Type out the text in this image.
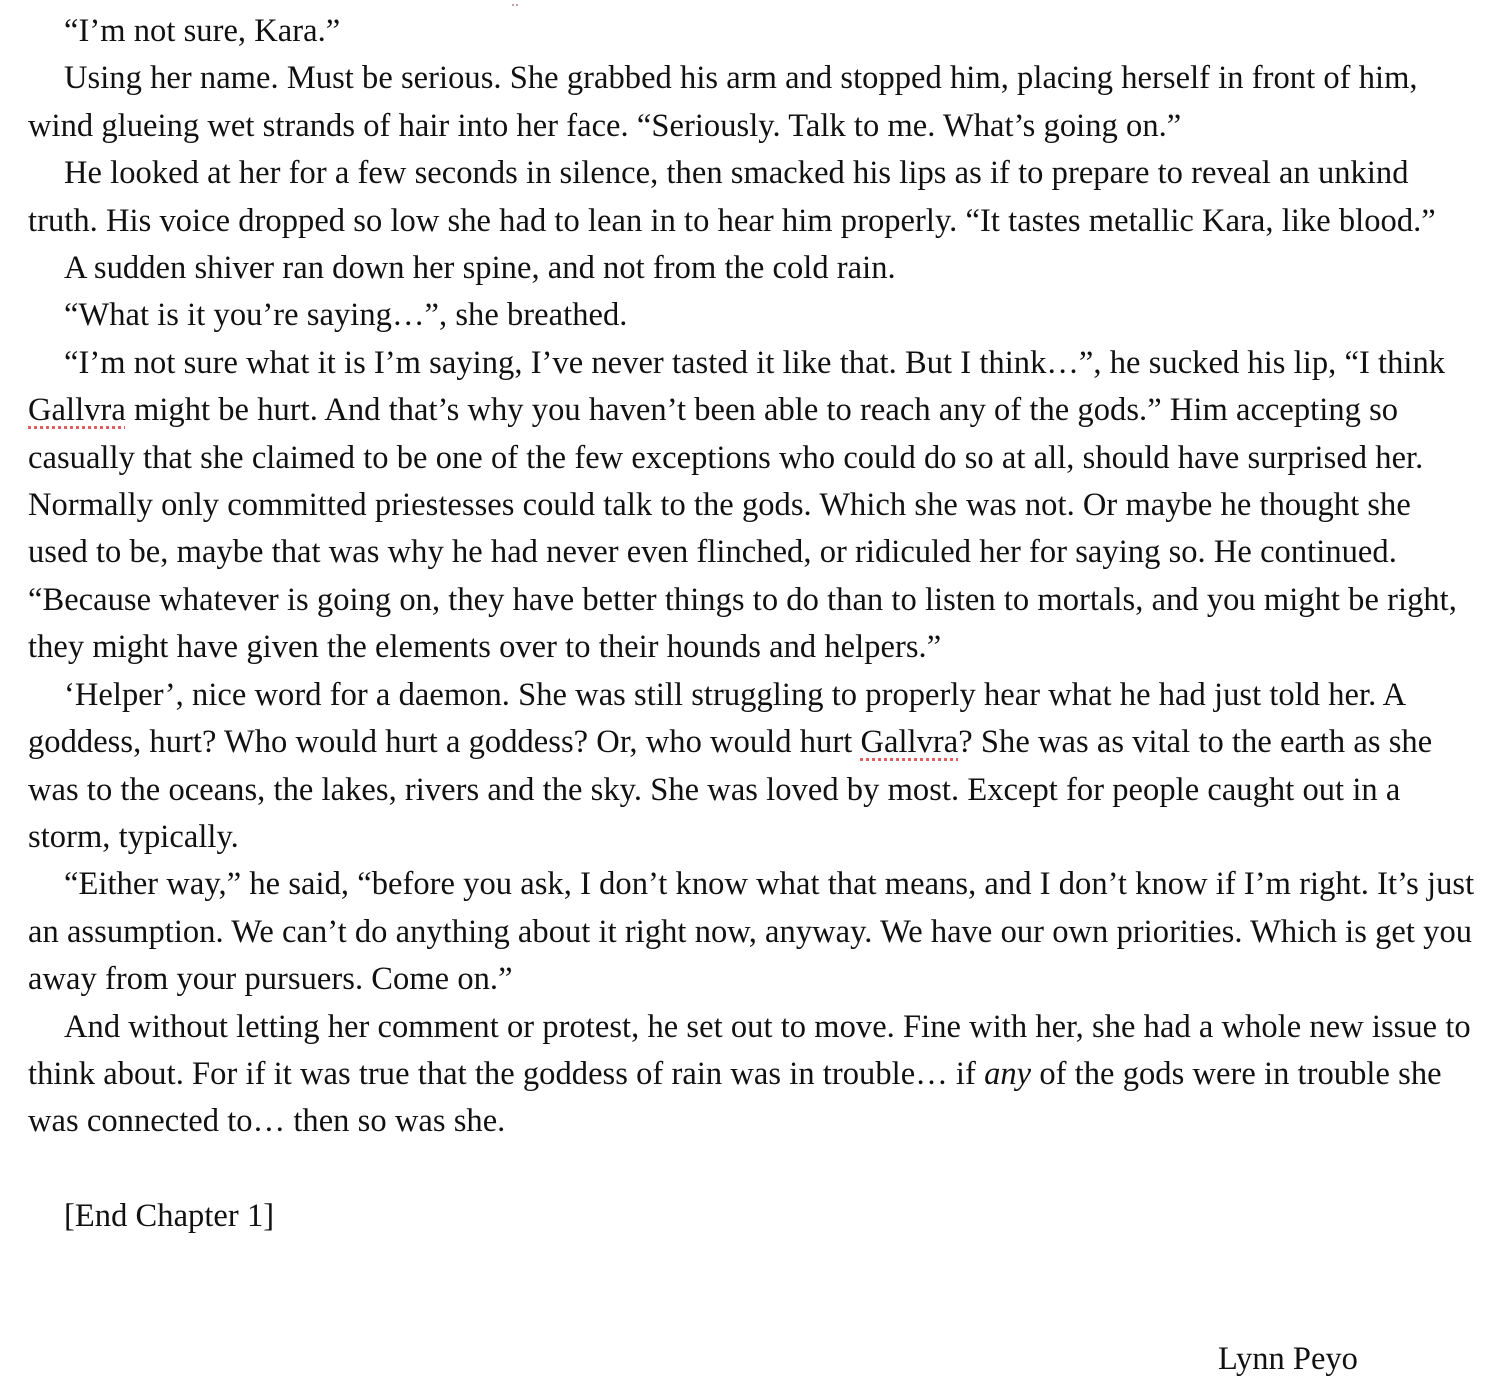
“I’m not sure, Kara.”

Using her name. Must be serious. She grabbed his arm and stopped him, placing herself in front of him, wind glueing wet strands of hair into her face. “Seriously. Talk to me. What’s going on.”

He looked at her for a few seconds in silence, then smacked his lips as if to prepare to reveal an unkind truth. His voice dropped so low she had to lean in to hear him properly. “It tastes metallic Kara, like blood.”

A sudden shiver ran down her spine, and not from the cold rain.

“What is it you’re saying…”, she breathed.

“I’m not sure what it is I’m saying, I’ve never tasted it like that. But I think…”, he sucked his lip, “I think Gallvra might be hurt. And that’s why you haven’t been able to reach any of the gods.” Him accepting so casually that she claimed to be one of the few exceptions who could do so at all, should have surprised her. Normally only committed priestesses could talk to the gods. Which she was not. Or maybe he thought she used to be, maybe that was why he had never even flinched, or ridiculed her for saying so. He continued. “Because whatever is going on, they have better things to do than to listen to mortals, and you might be right, they might have given the elements over to their hounds and helpers.”

‘Helper’, nice word for a daemon. She was still struggling to properly hear what he had just told her. A goddess, hurt? Who would hurt a goddess? Or, who would hurt Gallvra? She was as vital to the earth as she was to the oceans, the lakes, rivers and the sky. She was loved by most. Except for people caught out in a storm, typically.

“Either way,” he said, “before you ask, I don’t know what that means, and I don’t know if I’m right. It’s just an assumption. We can’t do anything about it right now, anyway. We have our own priorities. Which is get you away from your pursuers. Come on.”

And without letting her comment or protest, he set out to move. Fine with her, she had a whole new issue to think about. For if it was true that the goddess of rain was in trouble… if any of the gods were in trouble she was connected to… then so was she.

[End Chapter 1]

Lynn Peyo
